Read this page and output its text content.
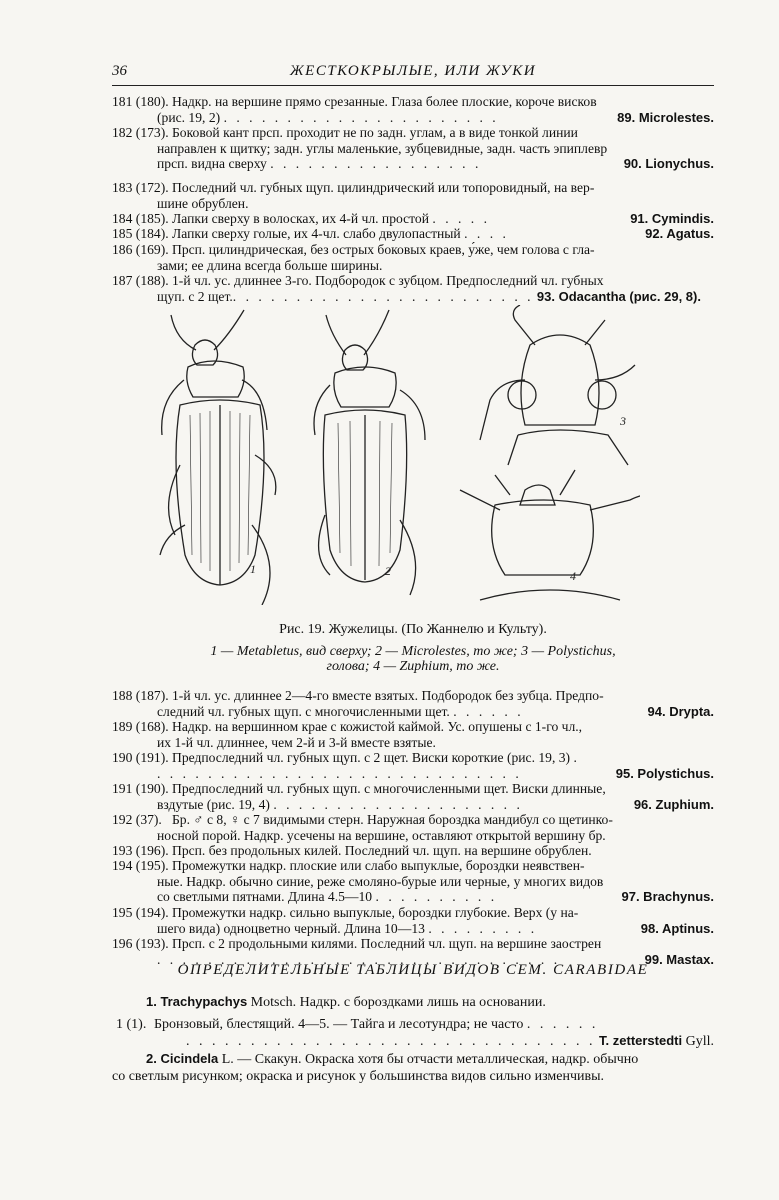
36	ЖЕСТКОКРЫЛЫЕ, ИЛИ ЖУКИ
181 (180). Надкр. на вершине прямо срезанные. Глаза более плоские, короче висков
(рис. 19, 2) . . . . . . . . . . . . . . . . . . . . . .	89. Microlestes.
182 (173). Боковой кант прсп. проходит не по задн. углам, а в виде тонкой линии
направлен к щитку; задн. углы маленькие, зубцевидные, задн. часть эпиплевр
прсп. видна сверху . . . . . . . . . . . . . . . . .	90. Lionychus.
183 (172). Последний чл. губных щуп. цилиндрический или топоровидный, на вер-
шине обрублен.
184 (185). Лапки сверху в волосках, их 4-й чл. простой . . . . .	91. Cymindis.
185 (184). Лапки сверху голые, их 4-чл. слабо двулопастный . . . .	92. Agatus.
186 (169). Прсп. цилиндрическая, без острых боковых краев, у́же, чем голова с гла-
зами; ее длина всегда больше ширины.
187 (188). 1-й чл. ус. длиннее 3-го. Подбородок с зубцом. Предпоследний чл. губных
щуп. с 2 щет.. . . . . . . . . . . . . . . . . . . . . . . . 93. Odacantha (рис. 29, 8).
1	2
3
4
Рис. 19. Жужелицы. (По Жаннелю и Культу).
1 — Metabletus, вид сверху; 2 — Microlestes, то же; 3 — Polystichus,
голова; 4 — Zuphium, то же.
188 (187). 1-й чл. ус. длиннее 2—4-го вместе взятых. Подбородок без зубца. Предпо-
следний чл. губных щуп. с многочисленными щет. . . . . . .	94. Drypta.
189 (168). Надкр. на вершинном крае с кожистой каймой. Ус. опушены с 1-го чл.,
их 1-й чл. длиннее, чем 2-й и 3-й вместе взятые.
190 (191). Предпоследний чл. губных щуп. с 2 щет. Виски короткие (рис. 19, 3) .
. . . . . . . . . . . . . . . . . . . . . . . . . . . . .	95. Polystichus.
191 (190). Предпоследний чл. губных щуп. с многочисленными щет. Виски длинные,
вздутые (рис. 19, 4) . . . . . . . . . . . . . . . . . . . .	96. Zuphium.
192 (37). Бр. ♂ с 8, ♀ с 7 видимыми стерн. Наружная бороздка мандибул со щетинко-
носной порой. Надкр. усечены на вершине, оставляют открытой вершину бр.
193 (196). Прсп. без продольных килей. Последний чл. щуп. на вершине обрублен.
194 (195). Промежутки надкр. плоские или слабо выпуклые, бороздки неявствен-
ные. Надкр. обычно синие, реже смоляно-бурые или черные, у многих видов
со светлыми пятнами. Длина 4.5—10 . . . . . . . . . .	97. Brachynus.
195 (194). Промежутки надкр. сильно выпуклые, бороздки глубокие. Верх (у на-
шего вида) одноцветно черный. Длина 10—13 . . . . . . . . .	98. Aptinus.
196 (193). Прсп. с 2 продольными килями. Последний чл. щуп. на вершине заострен
. . . . . . . . . . . . . . . . . . . . . . . . . . . . . . . .	99. Mastax.
ОПРЕДЕЛИТЕЛЬНЫЕ ТАБЛИЦЫ ВИДОВ СЕМ. CARABIDAE
1. Trachypachys Motsch. Надкр. с бороздками лишь на основании.
1 (1). Бронзовый, блестящий. 4—5. — Тайга и лесотундра; не часто . . . . . .
. . . . . . . . . . . . . . . . . . . . . . . . . . . . . . . . T. zetterstedti Gyll.
2. Cicindela L. — Скакун. Окраска хотя бы отчасти металлическая, надкр. обычно
со светлым рисунком; окраска и рисунок у большинства видов сильно изменчивы.
